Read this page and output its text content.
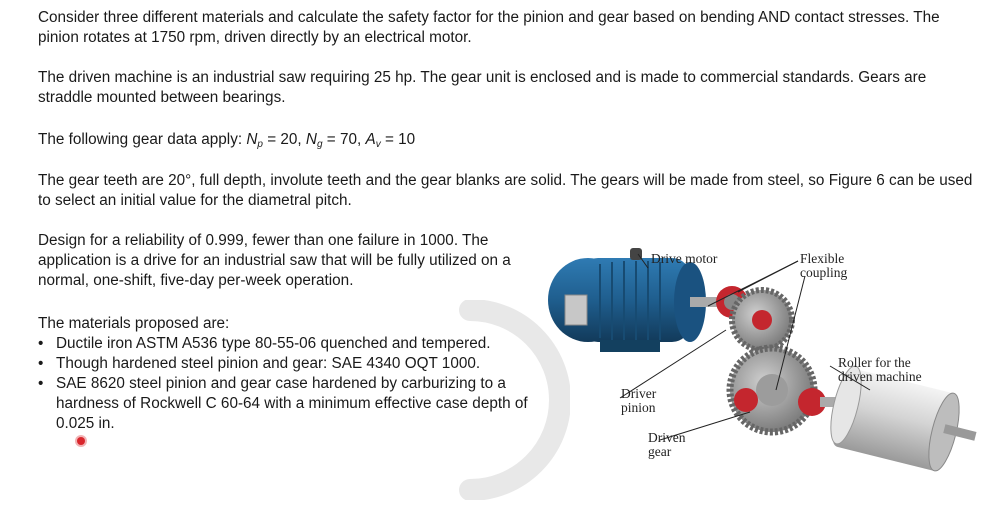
Consider three different materials and calculate the safety factor for the pinion and gear based on bending AND contact stresses. The pinion rotates at 1750 rpm, driven directly by an electrical motor.

The driven machine is an industrial saw requiring 25 hp. The gear unit is enclosed and is made to commercial standards. Gears are straddle mounted between bearings.

The following gear data apply: $N_p = 20$, $N_g = 70$, $A_v = 10$

The gear teeth are 20°, full depth, involute teeth and the gear blanks are solid. The gears will be made from steel, so Figure 6 can be used to select an initial value for the diametral pitch.

Design for a reliability of 0.999, fewer than one failure in 1000. The application is a drive for an industrial saw that will be fully utilized on a normal, one-shift, five-day per-week operation.

The materials proposed are:

• Ductile iron ASTM A536 type 80-55-06 quenched and tempered.
• Though hardened steel pinion and gear: SAE 4340 OQT 1000.
• SAE 8620 steel pinion and gear case hardened by carburizing to a hardness of Rockwell C 60-64 with a minimum effective case depth of 0.025 in.
Drive motor	Flexible
coupling
Roller for the
driven machine
Driver
pinion
Driven
gear
